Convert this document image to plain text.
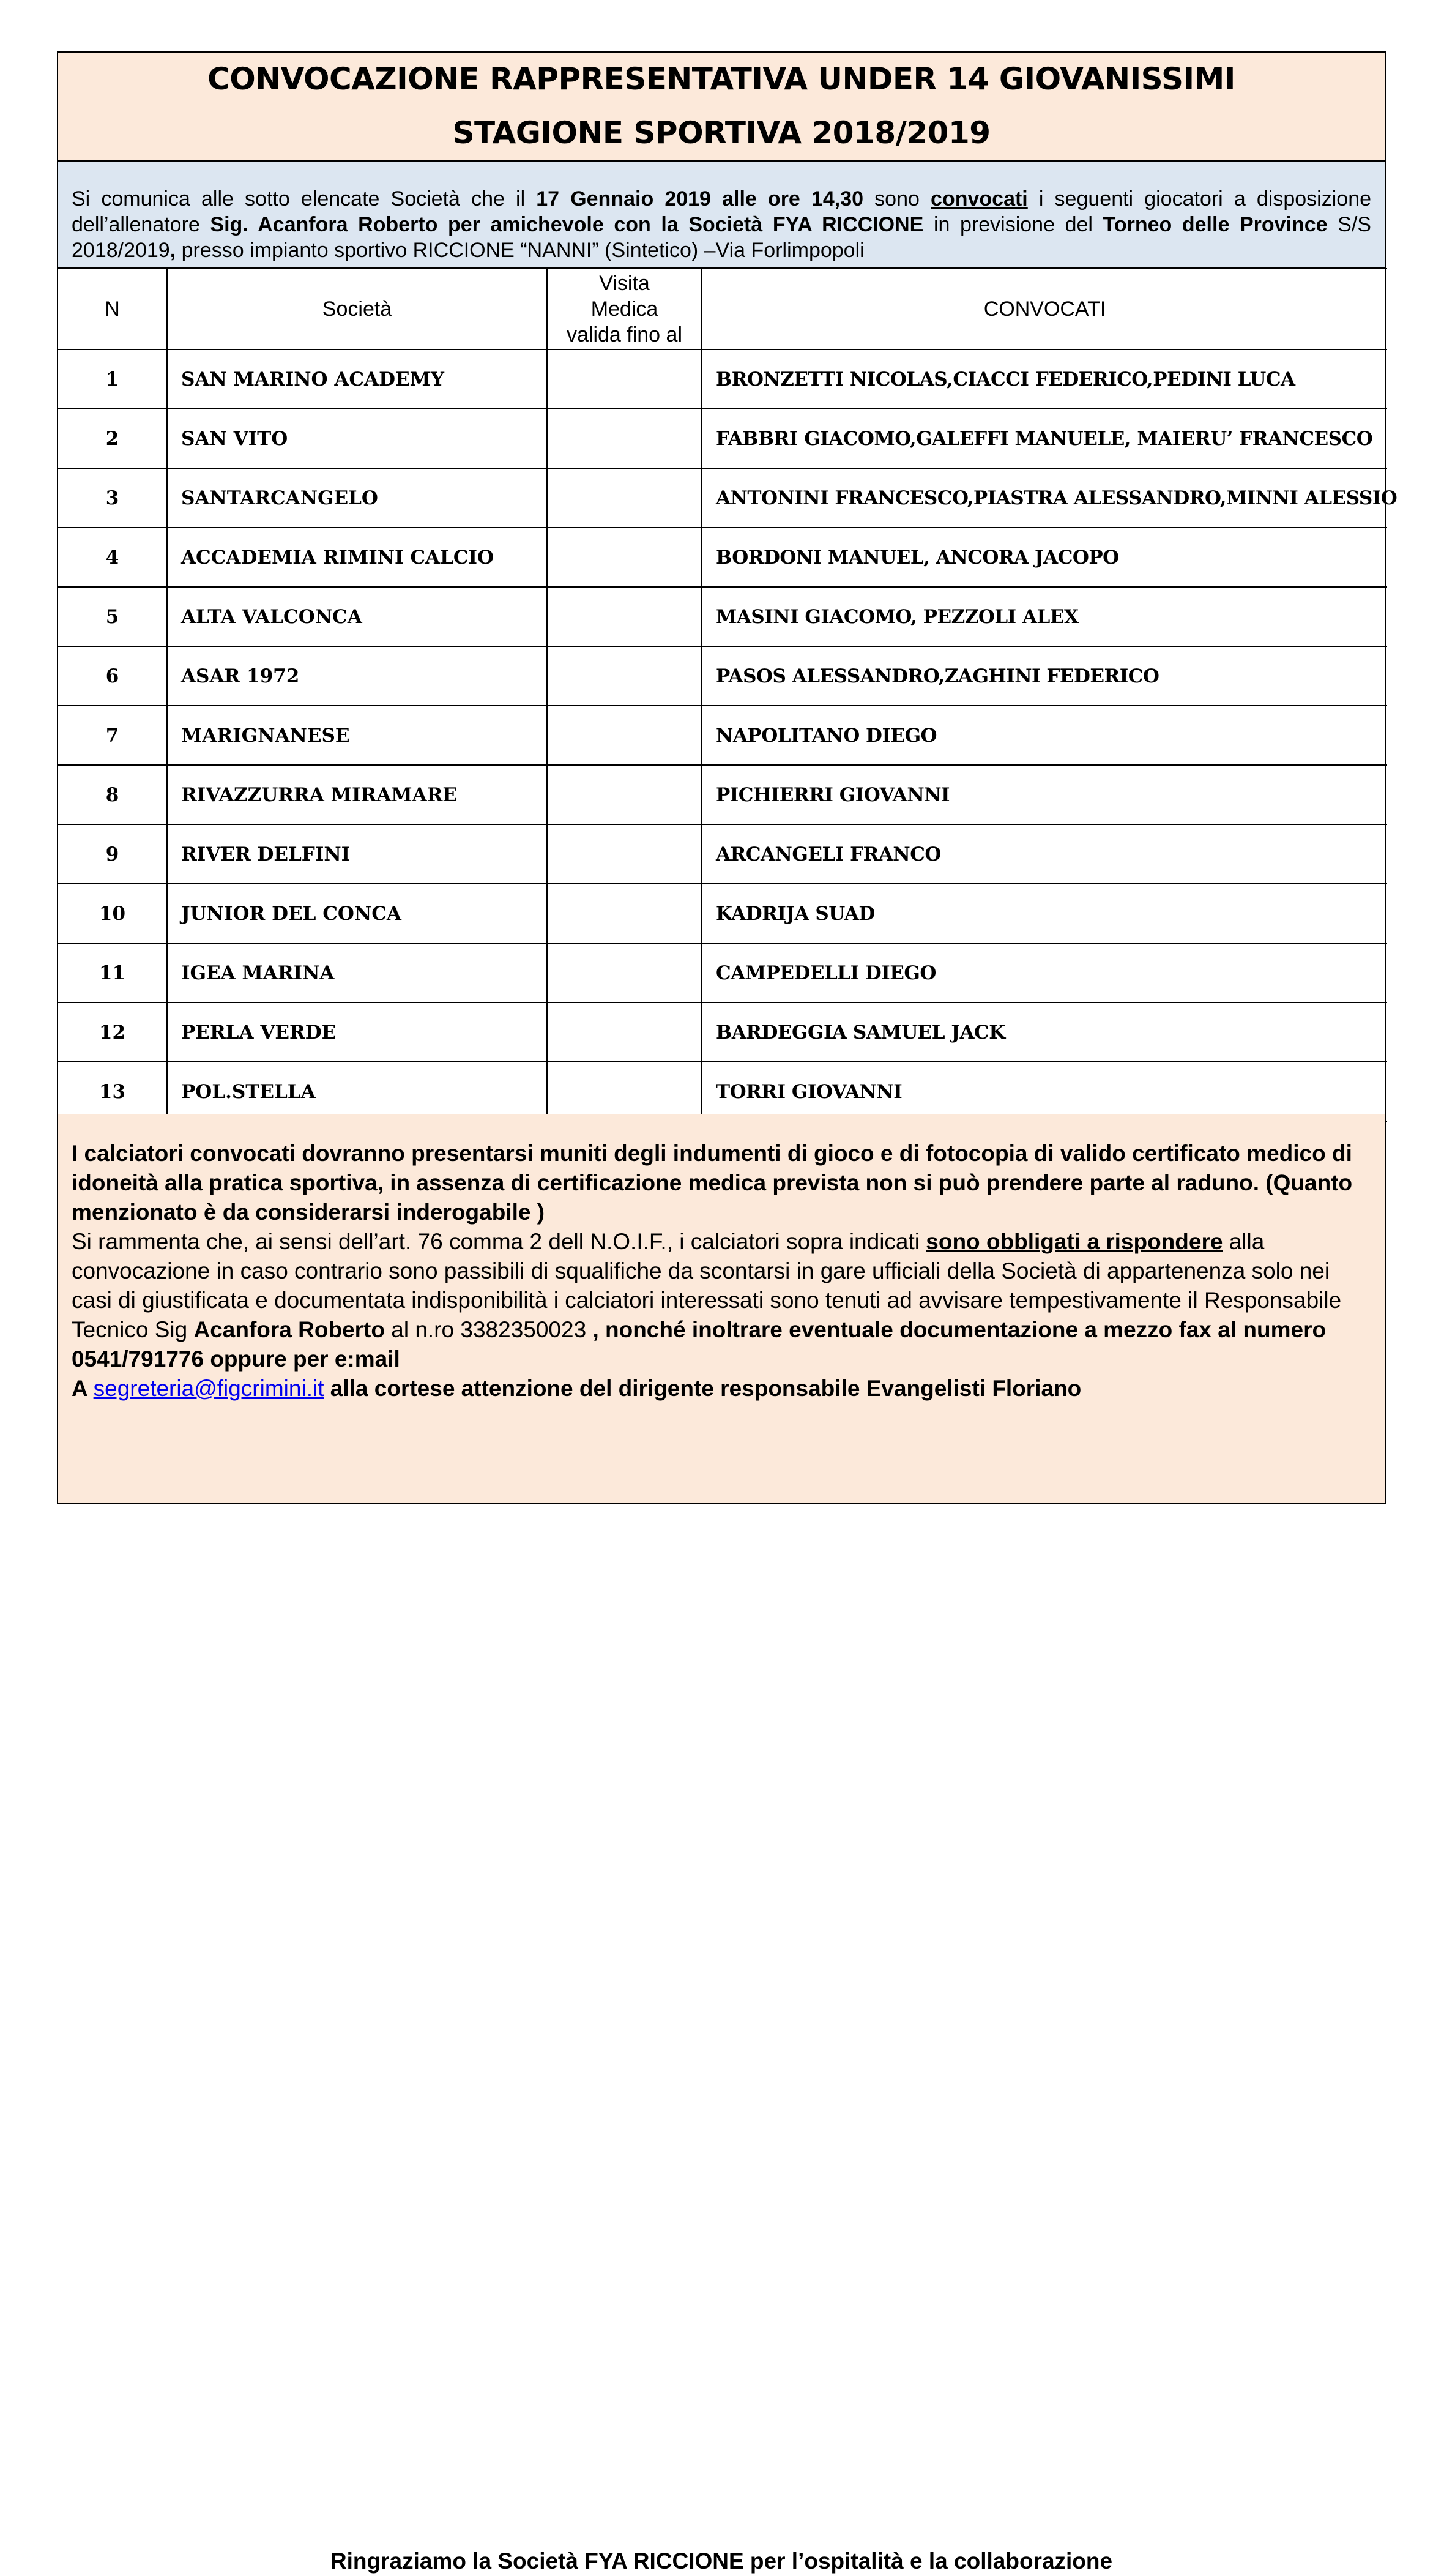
CONVOCAZIONE RAPPRESENTATIVA UNDER 14 GIOVANISSIMI
STAGIONE SPORTIVA 2018/2019
Si comunica alle sotto elencate Società che il 17 Gennaio 2019 alle ore 14,30 sono convocati i seguenti giocatori a disposizione dell’allenatore Sig. Acanfora Roberto per amichevole con la Società FYA RICCIONE in previsione del Torneo delle Province S/S 2018/2019, presso impianto sportivo RICCIONE “NANNI” (Sintetico) –Via Forlimpopoli
N	Società	Visita
Medica
valida fino al	CONVOCATI
1	SAN MARINO ACADEMY		BRONZETTI NICOLAS,CIACCI FEDERICO,PEDINI LUCA
2	SAN VITO		FABBRI GIACOMO,GALEFFI MANUELE, MAIERU’ FRANCESCO
3	SANTARCANGELO		ANTONINI FRANCESCO,PIASTRA ALESSANDRO,MINNI ALESSIO
4	ACCADEMIA RIMINI CALCIO		BORDONI MANUEL, ANCORA JACOPO
5	ALTA VALCONCA		MASINI GIACOMO, PEZZOLI ALEX
6	ASAR 1972		PASOS ALESSANDRO,ZAGHINI FEDERICO
7	MARIGNANESE		NAPOLITANO DIEGO
8	RIVAZZURRA MIRAMARE		PICHIERRI GIOVANNI
9	RIVER DELFINI		ARCANGELI FRANCO
10	JUNIOR DEL CONCA		KADRIJA SUAD
11	IGEA MARINA		CAMPEDELLI DIEGO
12	PERLA VERDE		BARDEGGIA SAMUEL JACK
13	POL.STELLA		TORRI GIOVANNI
I calciatori convocati dovranno presentarsi muniti degli indumenti di gioco e di fotocopia di valido certificato medico di idoneità alla pratica sportiva, in assenza di certificazione medica prevista non si può prendere parte al raduno. (Quanto menzionato è da considerarsi inderogabile )
Si rammenta che, ai sensi dell’art. 76 comma 2 dell N.O.I.F., i calciatori sopra indicati sono obbligati a rispondere alla convocazione in caso contrario sono passibili di squalifiche da scontarsi in gare ufficiali della Società di appartenenza solo nei casi di giustificata e documentata indisponibilità i calciatori interessati sono tenuti ad avvisare tempestivamente il Responsabile Tecnico Sig Acanfora Roberto al n.ro 3382350023 , nonché inoltrare eventuale documentazione a mezzo fax al numero 0541/791776 oppure per e:mail
A segreteria@figcrimini.it alla cortese attenzione del dirigente responsabile Evangelisti Floriano
Ringraziamo la Società FYA RICCIONE per l’ospitalità e la collaborazione
